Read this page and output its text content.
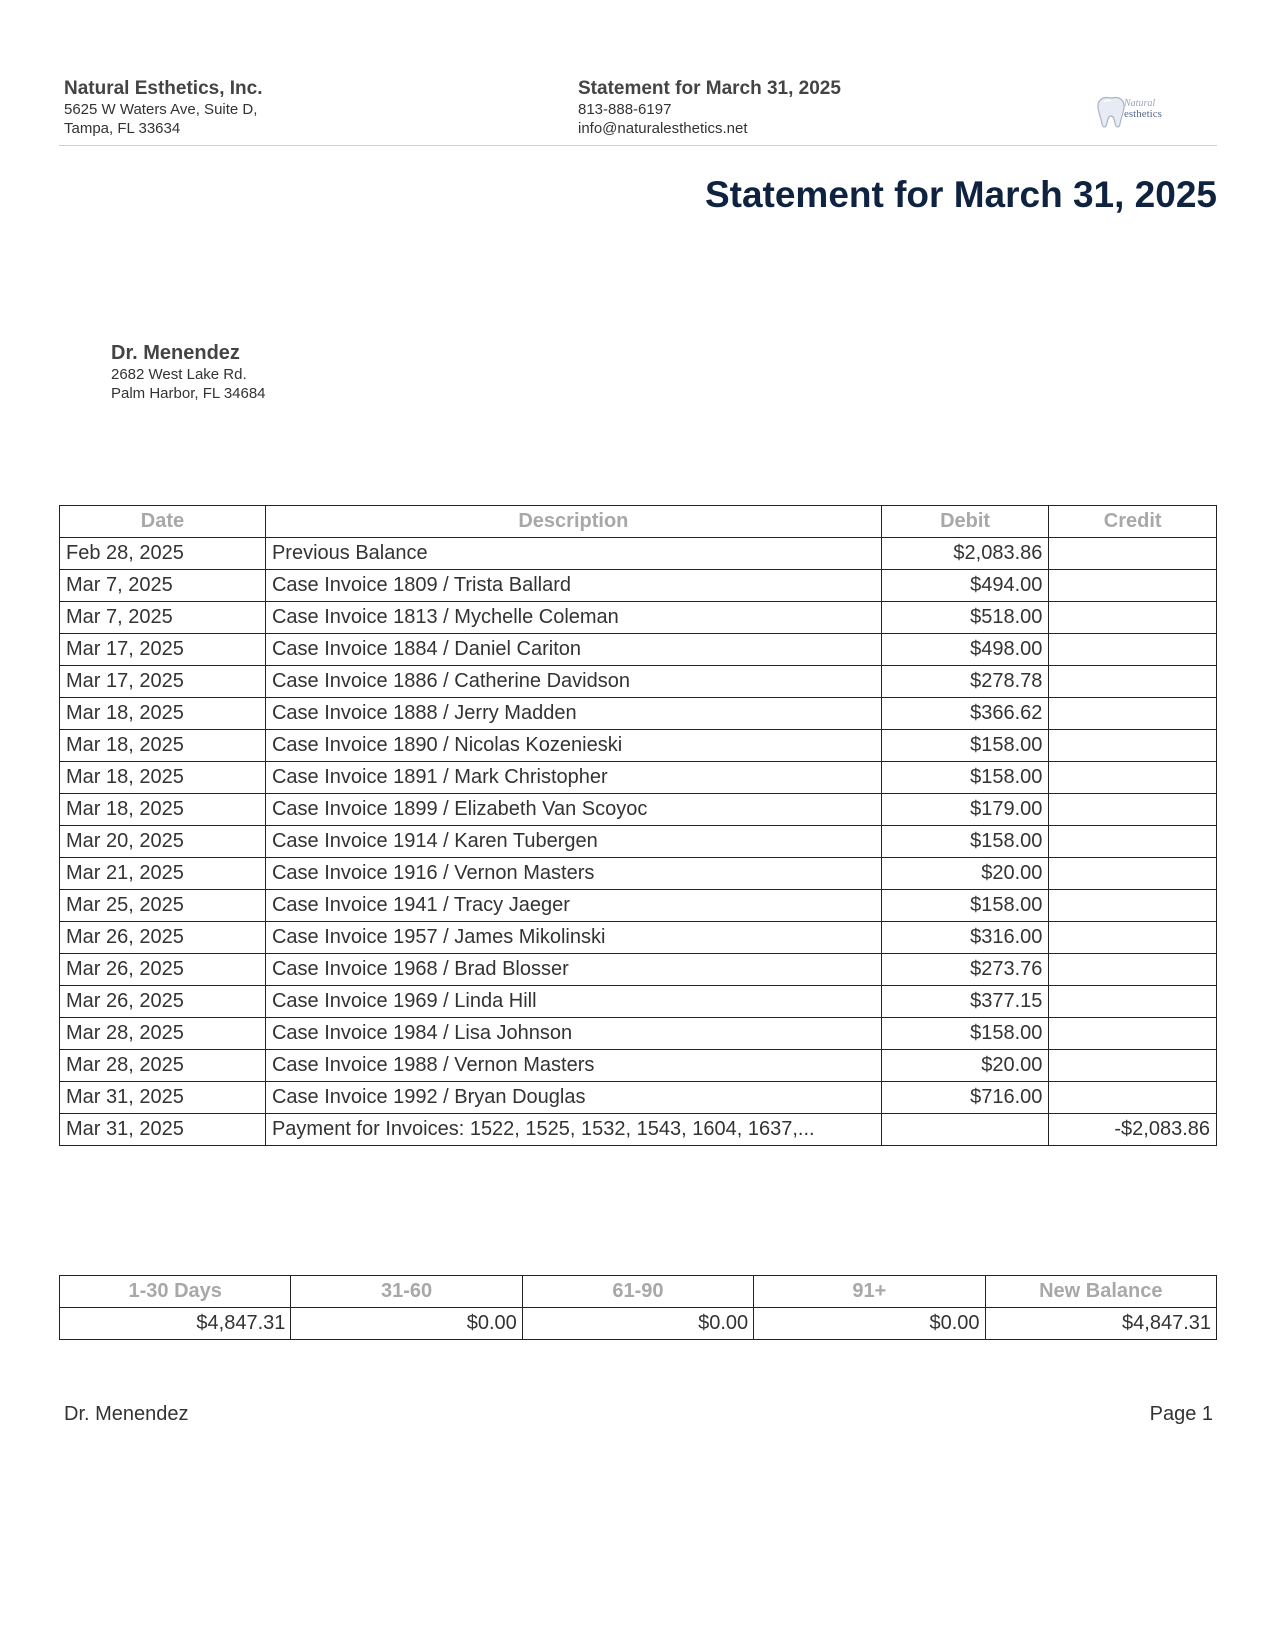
Natural Esthetics, Inc.
5625 W Waters Ave, Suite D,
Tampa, FL 33634
Statement for March 31, 2025
813-888-6197
info@naturalesthetics.net
Natural
esthetics
Statement for March 31, 2025
Dr. Menendez
2682 West Lake Rd.
Palm Harbor, FL 34684
Date	Description	Debit	Credit
Feb 28, 2025	Previous Balance	$2,083.86	
Mar 7, 2025	Case Invoice 1809 / Trista Ballard	$494.00	
Mar 7, 2025	Case Invoice 1813 / Mychelle Coleman	$518.00	
Mar 17, 2025	Case Invoice 1884 / Daniel Cariton	$498.00	
Mar 17, 2025	Case Invoice 1886 / Catherine Davidson	$278.78	
Mar 18, 2025	Case Invoice 1888 / Jerry Madden	$366.62	
Mar 18, 2025	Case Invoice 1890 / Nicolas Kozenieski	$158.00	
Mar 18, 2025	Case Invoice 1891 / Mark Christopher	$158.00	
Mar 18, 2025	Case Invoice 1899 / Elizabeth Van Scoyoc	$179.00	
Mar 20, 2025	Case Invoice 1914 / Karen Tubergen	$158.00	
Mar 21, 2025	Case Invoice 1916 / Vernon Masters	$20.00	
Mar 25, 2025	Case Invoice 1941 / Tracy Jaeger	$158.00	
Mar 26, 2025	Case Invoice 1957 / James Mikolinski	$316.00	
Mar 26, 2025	Case Invoice 1968 / Brad Blosser	$273.76	
Mar 26, 2025	Case Invoice 1969 / Linda Hill	$377.15	
Mar 28, 2025	Case Invoice 1984 / Lisa Johnson	$158.00	
Mar 28, 2025	Case Invoice 1988 / Vernon Masters	$20.00	
Mar 31, 2025	Case Invoice 1992 / Bryan Douglas	$716.00	
Mar 31, 2025	Payment for Invoices: 1522, 1525, 1532, 1543, 1604, 1637,...		-$2,083.86
1-30 Days	31-60	61-90	91+	New Balance
$4,847.31	$0.00	$0.00	$0.00	$4,847.31
Dr. Menendez	Page 1
